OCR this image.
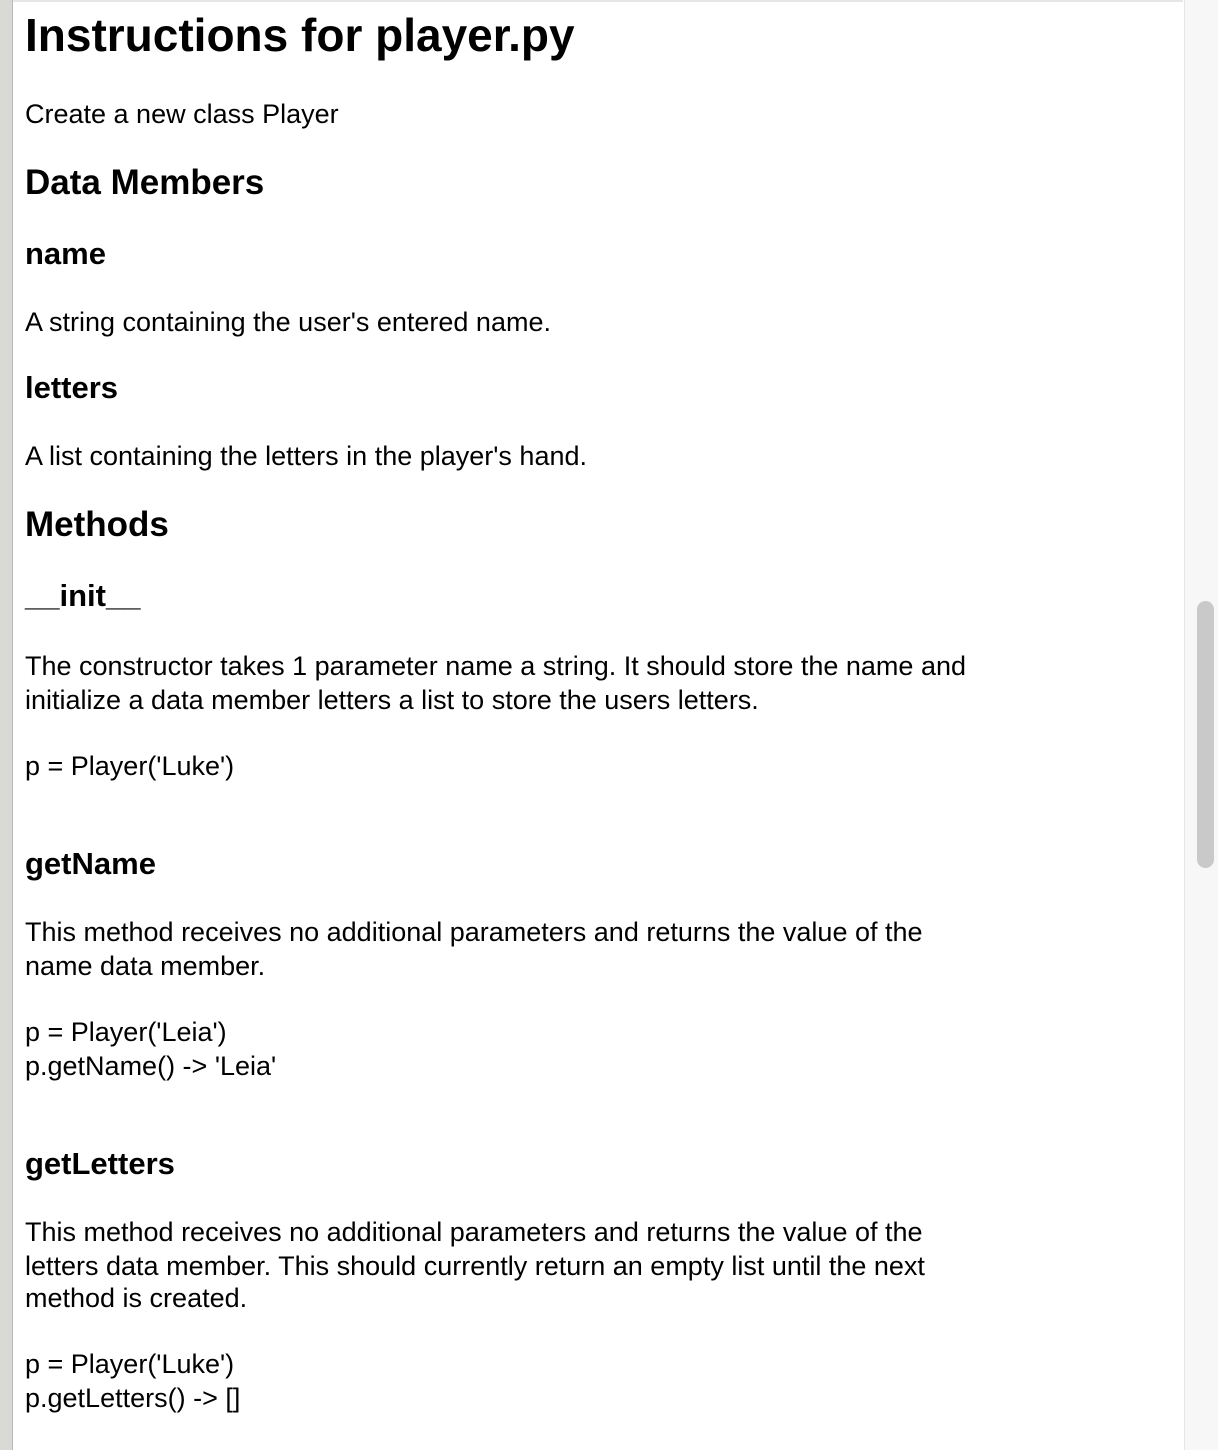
Instructions for player.py

Create a new class Player

Data Members
name

A string containing the user's entered name.

letters

A list containing the letters in the player's hand.

Methods
__init__

The constructor takes 1 parameter name a string. It should store the name and

initialize a data member letters a list to store the users letters.

p = Player('Luke')

getName

This method receives no additional parameters and returns the value of the

name data member.

p = Player('Leia')

p.getName() -> 'Leia'

getLetters

This method receives no additional parameters and returns the value of the

letters data member. This should currently return an empty list until the next

method is created.

p = Player('Luke')

p.getLetters() -> []
